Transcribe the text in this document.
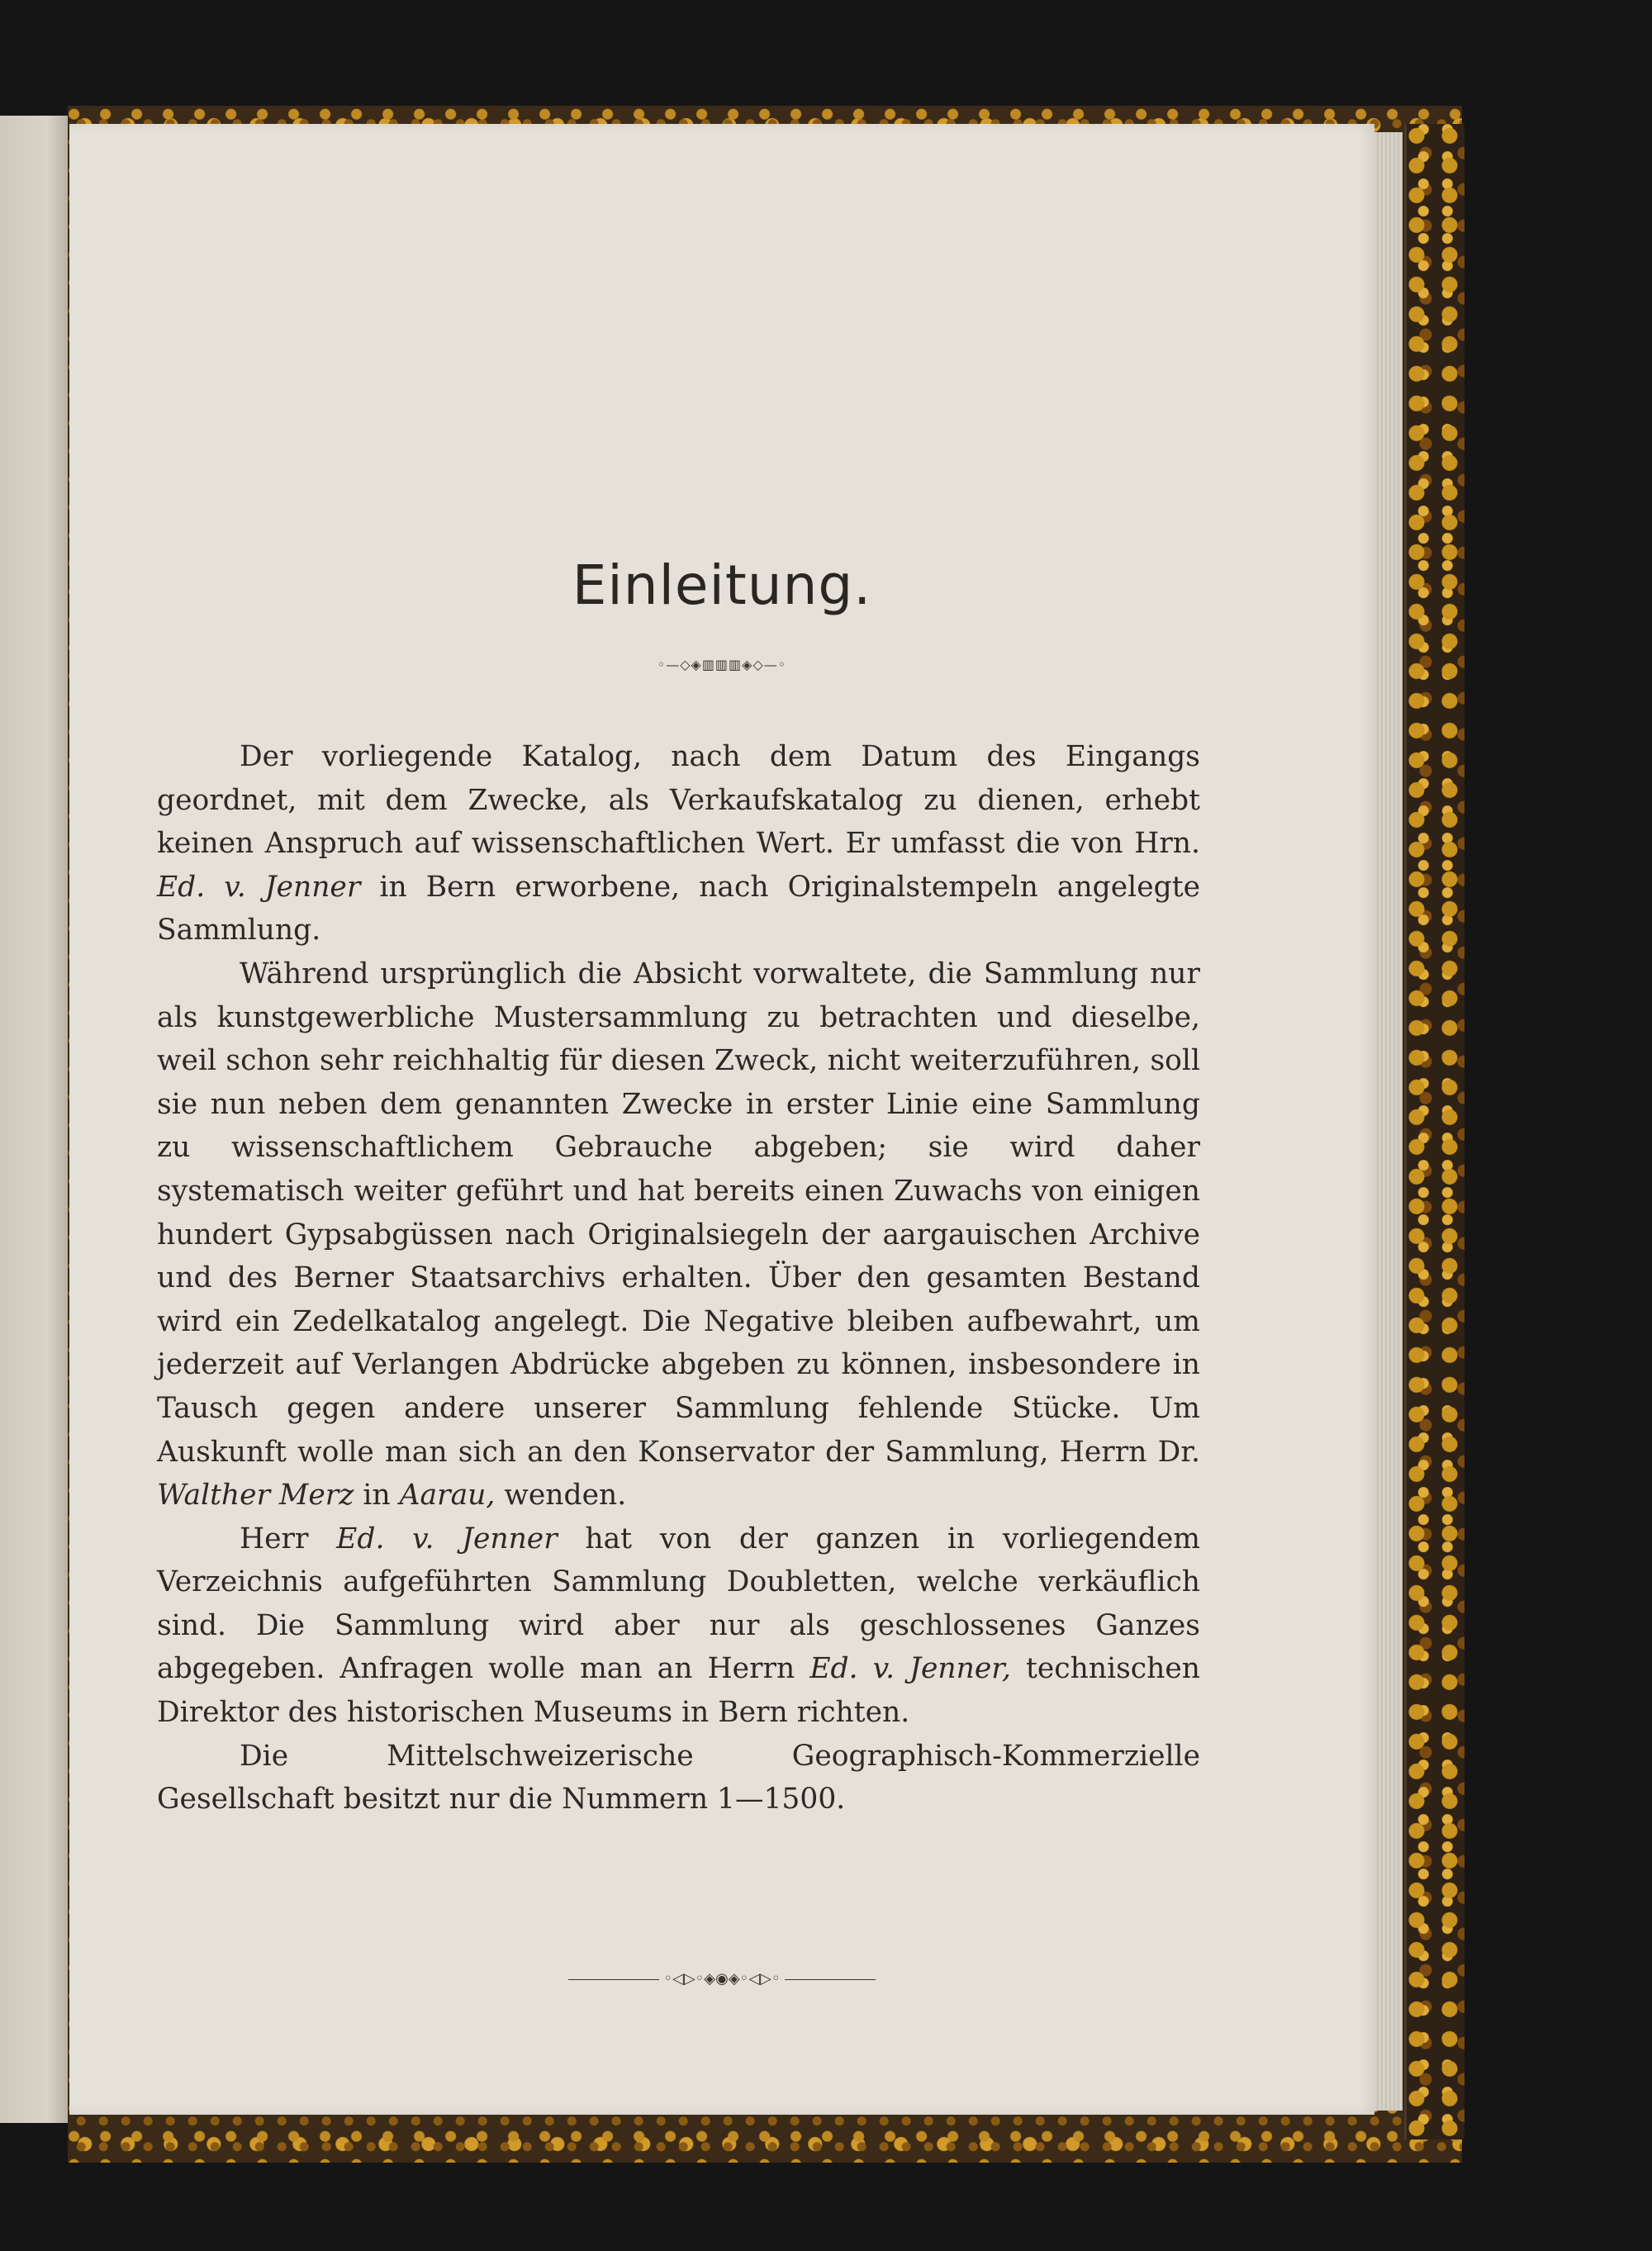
Einleitung.
◦—◇◈▥▥▥◈◇—◦

Der vorliegende Katalog, nach dem Datum des Eingangs geordnet, mit dem Zwecke, als Verkaufskatalog zu dienen, erhebt keinen Anspruch auf wissenschaftlichen Wert. Er umfasst die von Hrn. Ed. v. Jenner in Bern erworbene, nach Originalstempeln angelegte Sammlung.

Während ursprünglich die Absicht vorwaltete, die Sammlung nur als kunstgewerbliche Mustersammlung zu betrachten und dieselbe, weil schon sehr reichhaltig für diesen Zweck, nicht weiterzuführen, soll sie nun neben dem genannten Zwecke in erster Linie eine Sammlung zu wissenschaftlichem Gebrauche abgeben; sie wird daher systematisch weiter geführt und hat bereits einen Zuwachs von einigen hundert Gypsabgüssen nach Originalsiegeln der aargauischen Archive und des Berner Staatsarchivs erhalten. Über den gesamten Bestand wird ein Zedelkatalog angelegt. Die Negative bleiben aufbewahrt, um jederzeit auf Verlangen Abdrücke abgeben zu können, insbesondere in Tausch gegen andere unserer Sammlung fehlende Stücke. Um Auskunft wolle man sich an den Konservator der Sammlung, Herrn Dr. Walther Merz in Aarau, wenden.

Herr Ed. v. Jenner hat von der ganzen in vorliegendem Verzeichnis aufgeführten Sammlung Doubletten, welche verkäuflich sind. Die Sammlung wird aber nur als geschlossenes Ganzes abgegeben. Anfragen wolle man an Herrn Ed. v. Jenner, technischen Direktor des historischen Museums in Bern richten.

Die Mittelschweizerische Geographisch-Kommerzielle Gesellschaft besitzt nur die Nummern 1—1500.

◦◁▷◦◈◉◈◦◁▷◦
